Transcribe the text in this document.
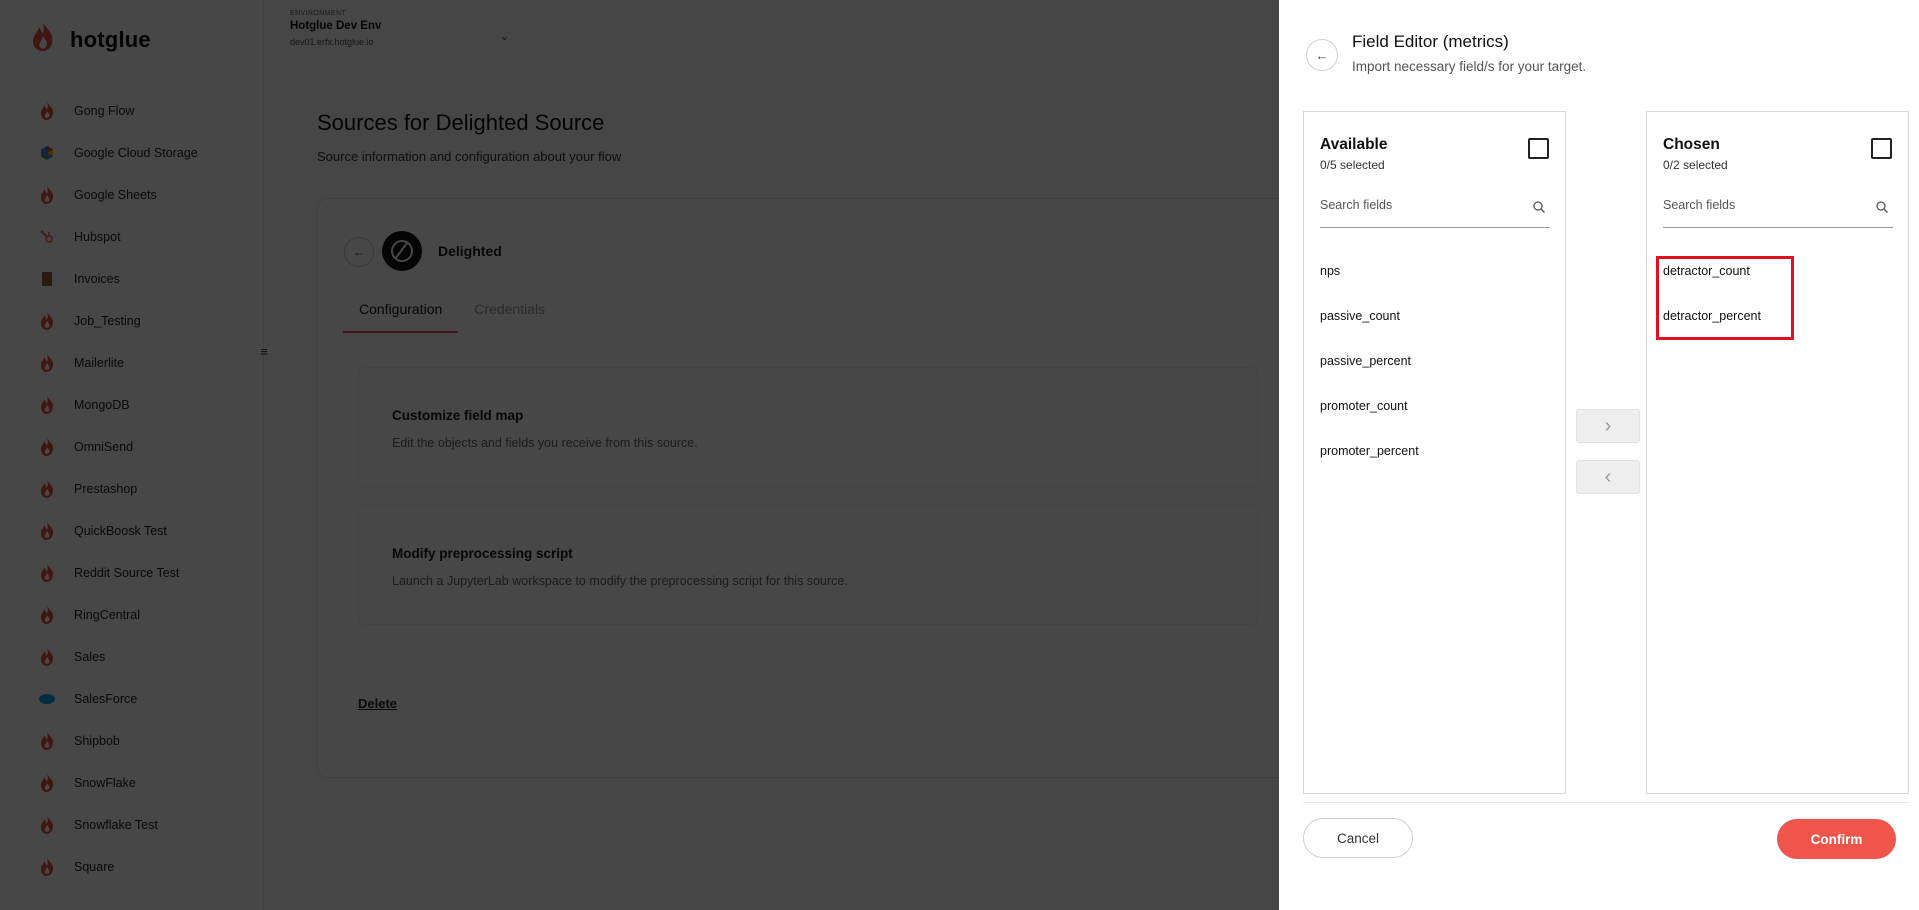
←
Field Editor (metrics)
Import necessary field/s for your target.
Available
0/5 selected
Search fields
nps
passive_count
passive_percent
promoter_count
promoter_percent
›
‹
Chosen
0/2 selected
Search fields
detractor_count
detractor_percent
Cancel	Confirm
